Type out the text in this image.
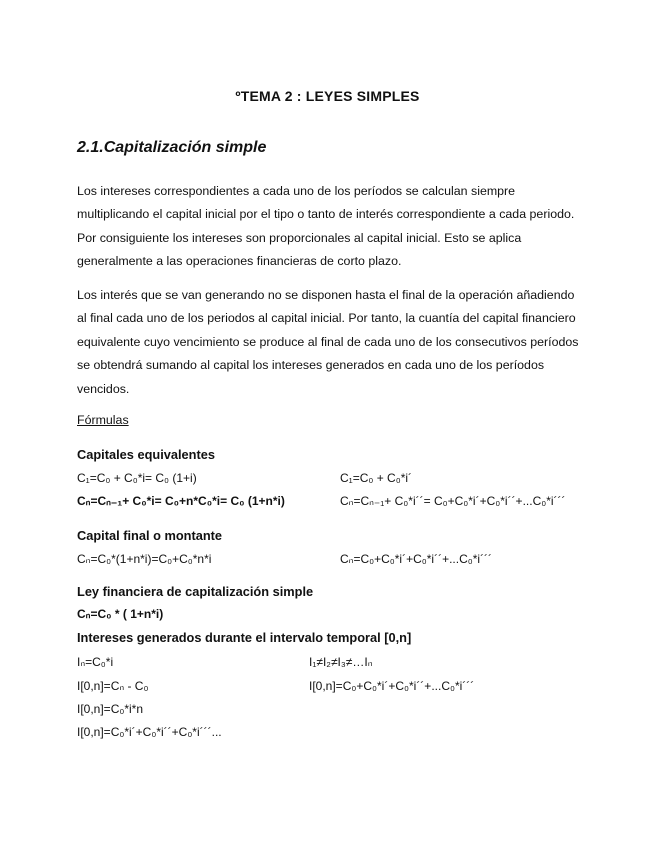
ºTEMA 2 : LEYES SIMPLES
2.1.Capitalización simple

Los intereses correspondientes a cada uno de los períodos se calculan siempre multiplicando el capital inicial por el tipo o tanto de interés correspondiente a cada periodo. Por consiguiente los intereses son proporcionales al capital inicial. Esto se aplica generalmente a las operaciones financieras de corto plazo.

Los interés que se van generando no se disponen hasta el final de la operación añadiendo al final cada uno de los periodos al capital inicial. Por tanto, la cuantía del capital financiero equivalente cuyo vencimiento se produce al final de cada uno de los consecutivos períodos se obtendrá sumando al capital los intereses generados en cada uno de los períodos vencidos.

Fórmulas
Capitales equivalentes
C₁=C₀ + C₀*i= C₀ (1+i)	C₁=C₀ + C₀*i´
Cₙ=Cₙ₋₁+ C₀*i= C₀+n*C₀*i= C₀ (1+n*i)	Cₙ=Cₙ₋₁+ C₀*i´´= C₀+C₀*i´+C₀*i´´+...C₀*i´´´
Capital final o montante
Cₙ=C₀*(1+n*i)=C₀+C₀*n*i	Cₙ=C₀+C₀*i´+C₀*i´´+...C₀*i´´´
Ley financiera de capitalización simple
Cₙ=C₀ * ( 1+n*i)
Intereses generados durante el intervalo temporal [0,n]
Iₙ=C₀*i	I₁≠I₂≠I₃≠…Iₙ
I[0,n]=Cₙ - C₀	I[0,n]=C₀+C₀*i´+C₀*i´´+...C₀*i´´´
I[0,n]=C₀*i*n
I[0,n]=C₀*i´+C₀*i´´+C₀*i´´´...
